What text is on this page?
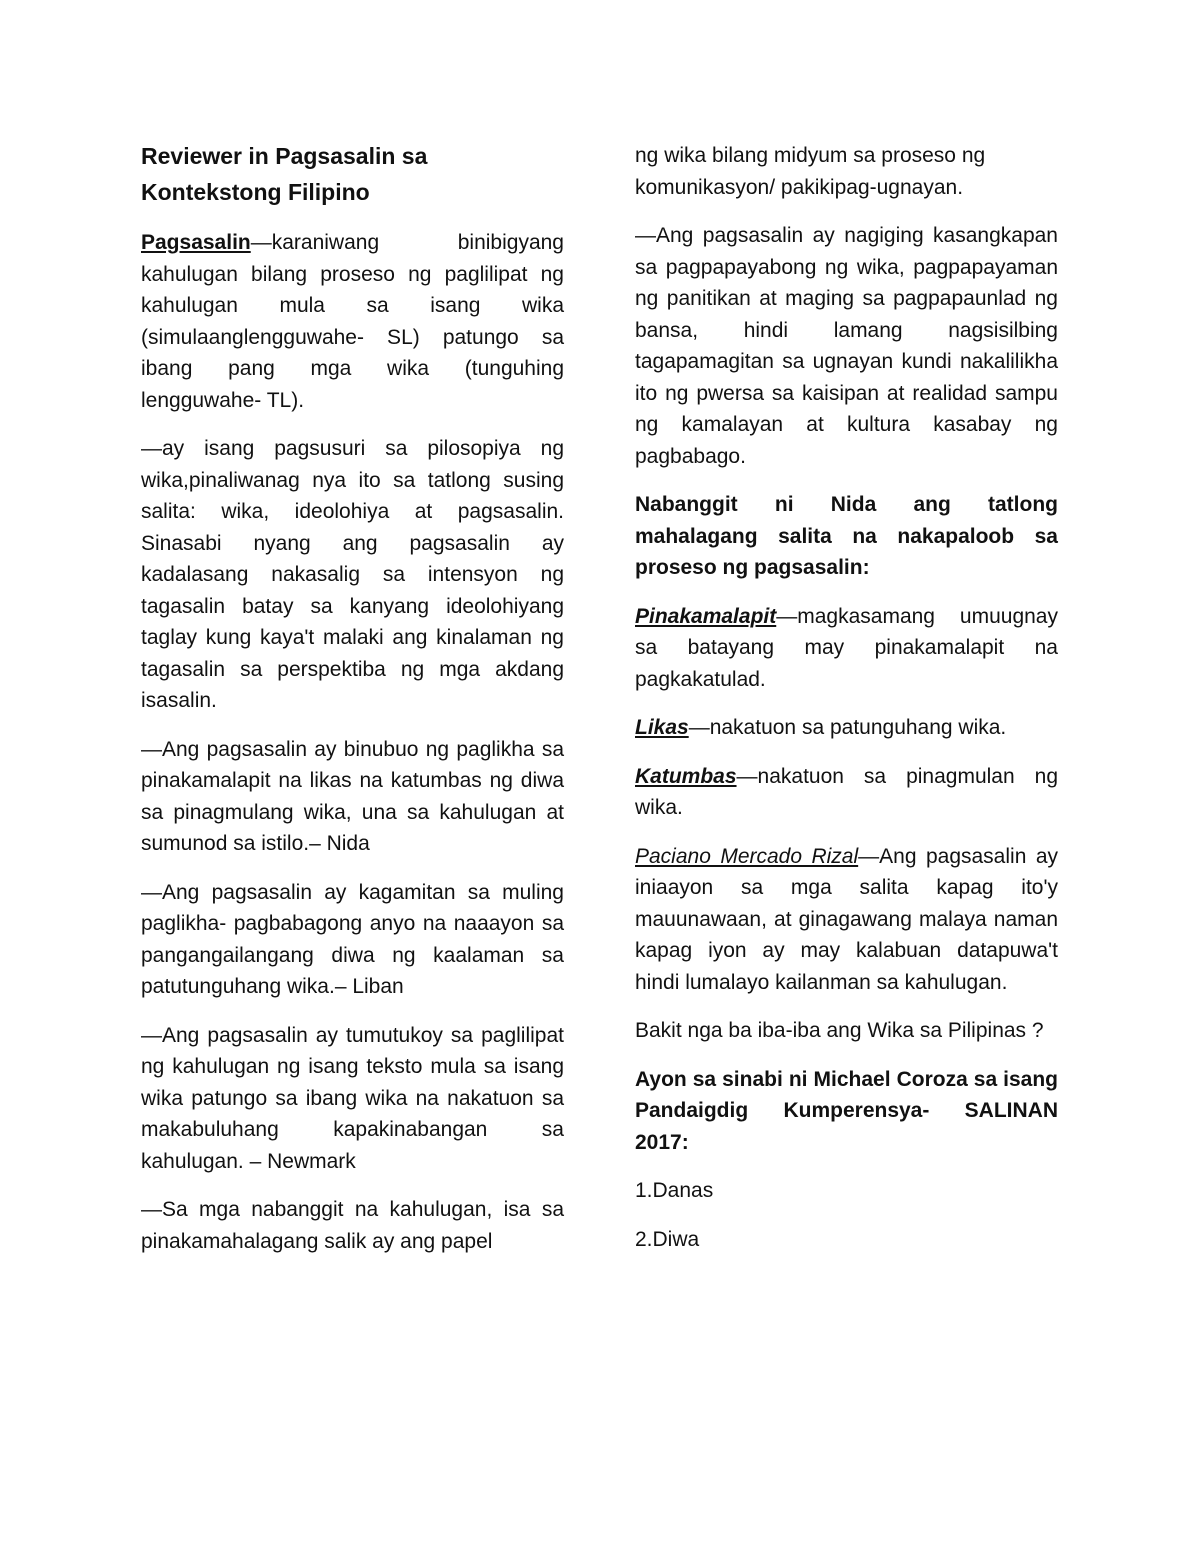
Reviewer in Pagsasalin sa Kontekstong Filipino

Pagsasalin—karaniwang binibigyang kahulugan bilang proseso ng paglilipat ng kahulugan mula sa isang wika (simulaanglengguwahe- SL) patungo sa ibang pang mga wika (tunguhing lengguwahe- TL).

—ay isang pagsusuri sa pilosopiya ng wika,pinaliwanag nya ito sa tatlong susing salita: wika, ideolohiya at pagsasalin. Sinasabi nyang ang pagsasalin ay kadalasang nakasalig sa intensyon ng tagasalin batay sa kanyang ideolohiyang taglay kung kaya't malaki ang kinalaman ng tagasalin sa perspektiba ng mga akdang isasalin.

—Ang pagsasalin ay binubuo ng paglikha sa pinakamalapit na likas na katumbas ng diwa sa pinagmulang wika, una sa kahulugan at sumunod sa istilo.– Nida

—Ang pagsasalin ay kagamitan sa muling paglikha- pagbabagong anyo na naaayon sa pangangailangang diwa ng kaalaman sa patutunguhang wika.– Liban

—Ang pagsasalin ay tumutukoy sa paglilipat ng kahulugan ng isang teksto mula sa isang wika patungo sa ibang wika na nakatuon sa makabuluhang kapakinabangan sa kahulugan. – Newmark

—Sa mga nabanggit na kahulugan, isa sa pinakamahalagang salik ay ang papel

ng wika bilang midyum sa proseso ng komunikasyon/ pakikipag-ugnayan.

—Ang pagsasalin ay nagiging kasangkapan sa pagpapayabong ng wika, pagpapayaman ng panitikan at maging sa pagpapaunlad ng bansa, hindi lamang nagsisilbing tagapamagitan sa ugnayan kundi nakalilikha ito ng pwersa sa kaisipan at realidad sampu ng kamalayan at kultura kasabay ng pagbabago.

Nabanggit ni Nida ang tatlong mahalagang salita na nakapaloob sa proseso ng pagsasalin:

Pinakamalapit—magkasamang umuugnay sa batayang may pinakamalapit na pagkakatulad.

Likas—nakatuon sa patunguhang wika.

Katumbas—nakatuon sa pinagmulan ng wika.

Paciano Mercado Rizal—Ang pagsasalin ay iniaayon sa mga salita kapag ito'y mauunawaan, at ginagawang malaya naman kapag iyon ay may kalabuan datapuwa't hindi lumalayo kailanman sa kahulugan.

Bakit nga ba iba-iba ang Wika sa Pilipinas ?

Ayon sa sinabi ni Michael Coroza sa isang Pandaigdig Kumperensya- SALINAN 2017:

1.Danas

2.Diwa
